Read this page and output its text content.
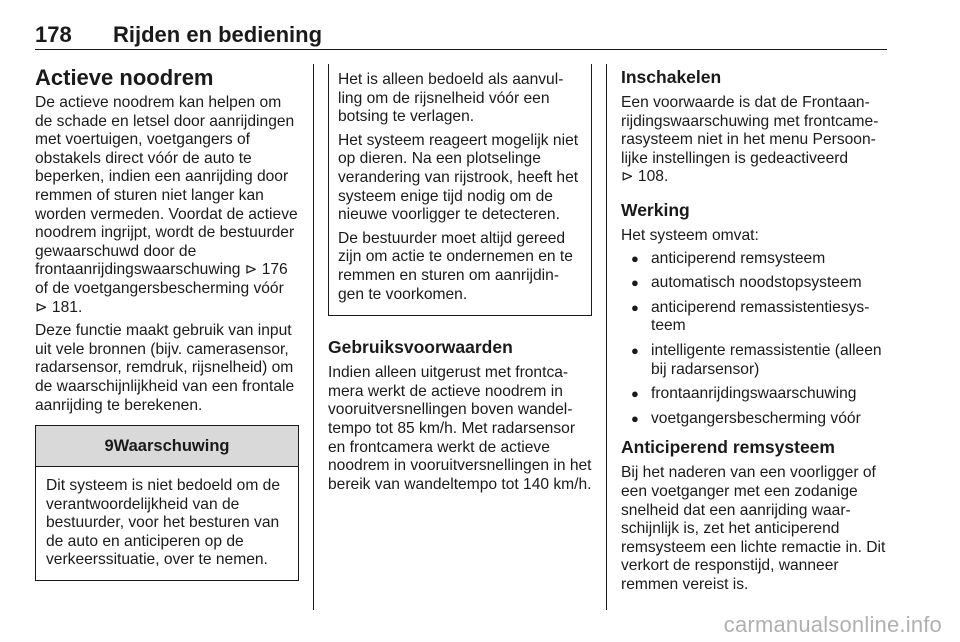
178 Rijden en bediening
Actieve noodrem

De actieve noodrem kan helpen om de schade en letsel door aanrijdingen met voertuigen, voetgangers of obstakels direct vóór de auto te beperken, indien een aanrijding door remmen of sturen niet langer kan worden vermeden. Voordat de actieve noodrem ingrijpt, wordt de bestuurder gewaarschuwd door de frontaanrijdingswaarschuwing ⊳ 176 of de voetgangersbescherming vóór
⊳ 181.

Deze functie maakt gebruik van input uit vele bronnen (bijv. camerasensor, radarsensor, remdruk, rijsnelheid) om de waarschijnlijkheid van een frontale aanrijding te berekenen.

9Waarschuwing
Dit systeem is niet bedoeld om de verantwoordelijkheid van de bestuurder, voor het besturen van de auto en anticiperen op de verkeerssituatie, over te nemen.

Het is alleen bedoeld als aanvul-ling om de rijsnelheid vóór een botsing te verlagen.

Het systeem reageert mogelijk niet op dieren. Na een plotselinge verandering van rijstrook, heeft het systeem enige tijd nodig om de nieuwe voorligger te detecteren.

De bestuurder moet altijd gereed zijn om actie te ondernemen en te remmen en sturen om aanrijdin-gen te voorkomen.

Gebruiksvoorwaarden

Indien alleen uitgerust met frontca-mera werkt de actieve noodrem in vooruitversnellingen boven wandel-tempo tot 85 km/h. Met radarsensor en frontcamera werkt de actieve noodrem in vooruitversnellingen in het bereik van wandeltempo tot 140 km/h.

Inschakelen

Een voorwaarde is dat de Frontaan-rijdingswaarschuwing met frontcame-rasysteem niet in het menu Persoon-lijke instellingen is gedeactiveerd
⊳ 108.

Werking

Het systeem omvat:

● anticiperend remsysteem
● automatisch noodstopsysteem
● anticiperend remassistentiesys-teem
● intelligente remassistentie (alleen bij radarsensor)
● frontaanrijdingswaarschuwing
● voetgangersbescherming vóór
Anticiperend remsysteem

Bij het naderen van een voorligger of een voetganger met een zodanige snelheid dat een aanrijding waar-schijnlijk is, zet het anticiperend remsysteem een lichte remactie in. Dit verkort de responstijd, wanneer remmen vereist is.

carmanualsonline.info
